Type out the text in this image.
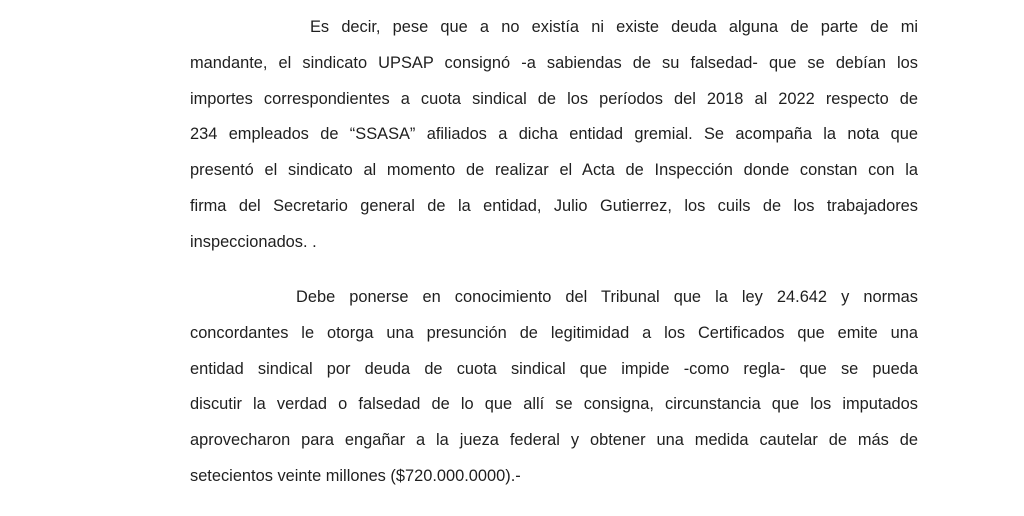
Es decir, pese que a no existía ni existe deuda alguna de parte de mi
mandante, el sindicato UPSAP consignó -a sabiendas de su falsedad- que se debían los
importes correspondientes a cuota sindical de los períodos del 2018 al 2022 respecto de
234 empleados de “SSASA” afiliados a dicha entidad gremial. Se acompaña la nota que
presentó el sindicato al momento de realizar el Acta de Inspección donde constan con la
firma del Secretario general de la entidad, Julio Gutierrez, los cuils de los trabajadores
inspeccionados. .
Debe ponerse en conocimiento del Tribunal que la ley 24.642 y normas
concordantes le otorga una presunción de legitimidad a los Certificados que emite una
entidad sindical por deuda de cuota sindical que impide -como regla- que se pueda
discutir la verdad o falsedad de lo que allí se consigna, circunstancia que los imputados
aprovecharon para engañar a la jueza federal y obtener una medida cautelar de más de
setecientos veinte millones ($720.000.0000).-
